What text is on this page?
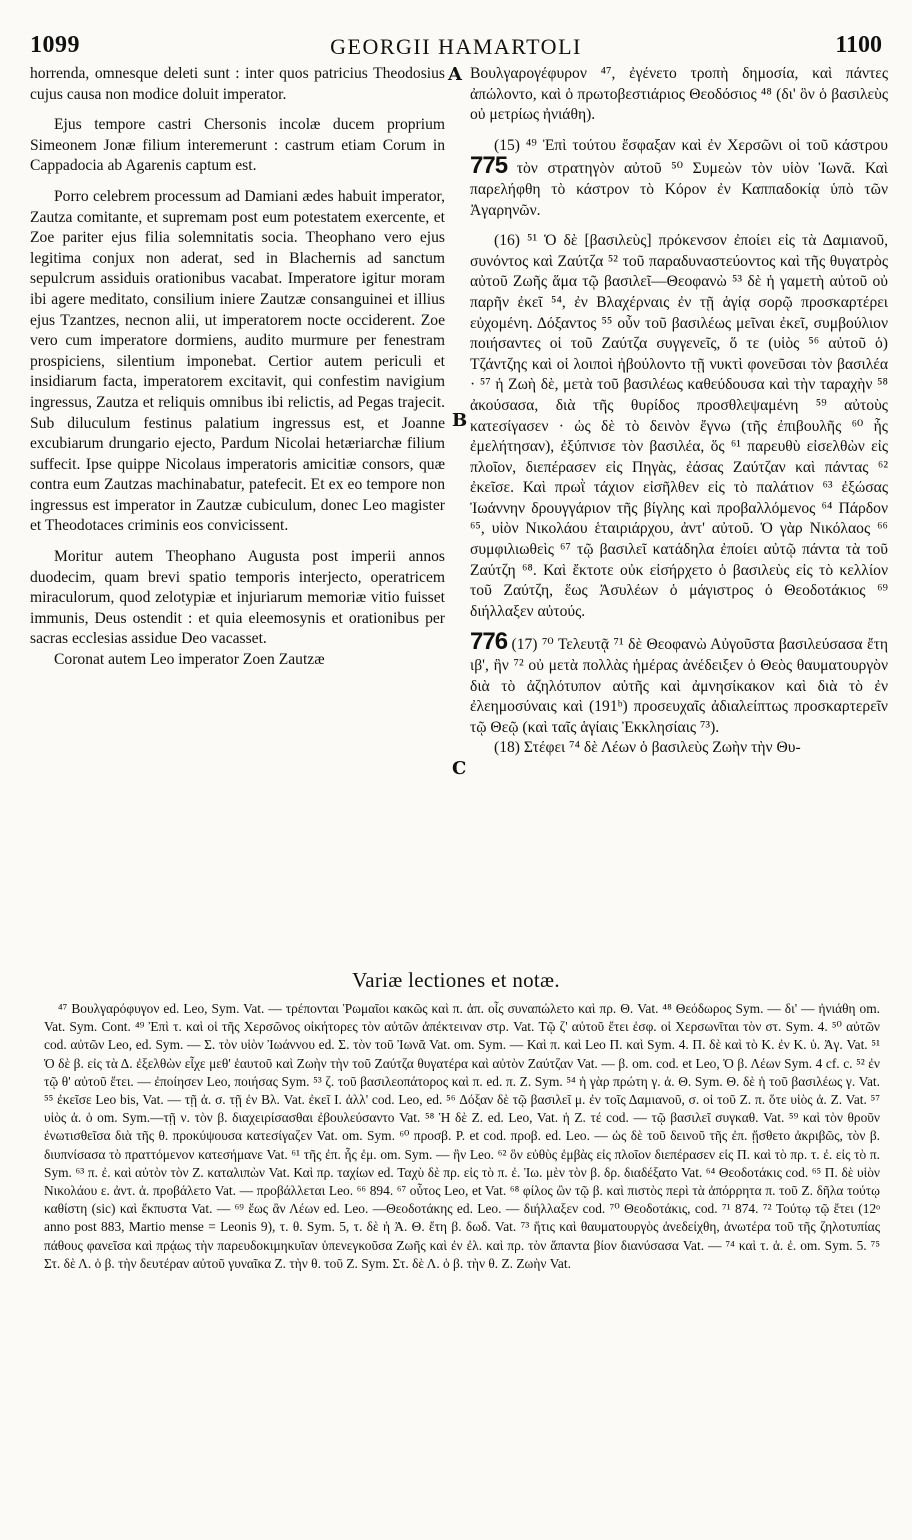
1099	GEORGII HAMARTOLI	1100

horrenda, omnesque deleti sunt : inter quos patricius Theodosius cujus causa non modice doluit imperator.

Ejus tempore castri Chersonis incolæ ducem proprium Simeonem Jonæ filium interemerunt : castrum etiam Corum in Cappadocia ab Agarenis captum est.

Porro celebrem processum ad Damiani ædes habuit imperator, Zautza comitante, et supremam post eum potestatem exercente, et Zoe pariter ejus filia solemnitatis socia. Theophano vero ejus legitima conjux non aderat, sed in Blachernis ad sanctum sepulcrum assiduis orationibus vacabat. Imperatore igitur moram ibi agere meditato, consilium iniere Zautzæ consanguinei et illius ejus Tzantzes, necnon alii, ut imperatorem nocte occiderent. Zoe vero cum imperatore dormiens, audito murmure per fenestram prospiciens, silentium imponebat. Certior autem periculi et insidiarum facta, imperatorem excitavit, qui confestim navigium ingressus, Zautza et reliquis omnibus ibi relictis, ad Pegas trajecit. Sub diluculum festinus palatium ingressus est, et Joanne excubiarum drungario ejecto, Pardum Nicolai hetæriarchæ filium suffecit. Ipse quippe Nicolaus imperatoris amicitiæ consors, quæ contra eum Zautzas machinabatur, patefecit. Et ex eo tempore non ingressus est imperator in Zautzæ cubiculum, donec Leo magister et Theodotaces criminis eos convicissent.

Moritur autem Theophano Augusta post imperii annos duodecim, quam brevi spatio temporis interjecto, operatricem miraculorum, quod zelotypiæ et injuriarum memoriæ vitio fuisset immunis, Deus ostendit : et quia eleemosynis et orationibus per sacras ecclesias assidue Deo vacasset.

Coronat autem Leo imperator Zoen Zautzæ

A
B
C

Βουλγαρογέφυρον ⁴⁷, ἐγένετο τροπὴ δημοσία, καὶ πάντες ἀπώλοντο, καὶ ὁ πρωτοβεστιάριος Θεοδόσιος ⁴⁸ (δι' ὃν ὁ βασιλεὺς οὐ μετρίως ἠνιάθη).

(15) ⁴⁹ Ἐπὶ τούτου ἔσφαξαν καὶ ἐν Χερσῶνι οἱ τοῦ κάστρου 775 τὸν στρατηγὸν αὐτοῦ ⁵⁰ Συμεὼν τὸν υἱὸν Ἰωνᾶ. Καὶ παρελήφθη τὸ κάστρον τὸ Κόρον ἐν Καππαδοκίᾳ ὑπὸ τῶν Ἀγαρηνῶν.

(16) ⁵¹ Ὁ δὲ [βασιλεὺς] πρόκενσον ἐποίει εἰς τὰ Δαμιανοῦ, συνόντος καὶ Ζαύτζα ⁵² τοῦ παραδυναστεύοντος καὶ τῆς θυγατρὸς αὐτοῦ Ζωῆς ἅμα τῷ βασιλεῖ—Θεοφανὼ ⁵³ δὲ ἡ γαμετὴ αὐτοῦ οὐ παρῆν ἐκεῖ ⁵⁴, ἐν Βλαχέρναις ἐν τῇ ἁγίᾳ σορῷ προσκαρτέρει εὐχομένη. Δόξαντος ⁵⁵ οὖν τοῦ βασιλέως μεῖναι ἐκεῖ, συμβούλιον ποιήσαντες οἱ τοῦ Ζαύτζα συγγενεῖς, ὅ τε (υἱὸς ⁵⁶ αὐτοῦ ὁ) Τζάντζης καὶ οἱ λοιποὶ ἠβούλοντο τῇ νυκτὶ φονεῦσαι τὸν βασιλέα · ⁵⁷ ἡ Ζωὴ δὲ, μετὰ τοῦ βασιλέως καθεύδουσα καὶ τὴν ταραχὴν ⁵⁸ ἀκούσασα, διὰ τῆς θυρίδος προσθλεψαμένη ⁵⁹ αὐτοὺς κατεσίγασεν · ὡς δὲ τὸ δεινὸν ἔγνω (τῆς ἐπιβουλῆς ⁶⁰ ἧς ἐμελήτησαν), ἐξύπνισε τὸν βασιλέα, ὅς ⁶¹ παρευθὺ εἰσελθὼν εἰς πλοῖον, διεπέρασεν εἰς Πηγὰς, ἐάσας Ζαύτζαν καὶ πάντας ⁶² ἐκεῖσε. Καὶ πρωῒ τάχιον εἰσῆλθεν εἰς τὸ παλάτιον ⁶³ ἐξώσας Ἰωάννην δρουγγάριον τῆς βίγλης καὶ προβαλλόμενος ⁶⁴ Πάρδον ⁶⁵, υἱὸν Νικολάου ἑταιριάρχου, ἀντ' αὐτοῦ. Ὁ γὰρ Νικόλαος ⁶⁶ συμφιλιωθεὶς ⁶⁷ τῷ βασιλεῖ κατάδηλα ἐποίει αὐτῷ πάντα τὰ τοῦ Ζαύτζη ⁶⁸. Καὶ ἔκτοτε οὐκ εἰσήρχετο ὁ βασιλεὺς εἰς τὸ κελλίον τοῦ Ζαύτζη, ἕως Ἀσυλέων ὁ μάγιστρος ὁ Θεοδοτάκιος ⁶⁹ διήλλαξεν αὐτούς.

776 (17) ⁷⁰ Τελευτᾷ ⁷¹ δὲ Θεοφανὼ Αὐγοῦστα βασιλεύσασα ἔτη ιβ', ἣν ⁷² οὐ μετὰ πολλὰς ἡμέρας ἀνέδειξεν ὁ Θεὸς θαυματουργὸν διὰ τὸ ἀζηλότυπον αὐτῆς καὶ ἀμνησίκακον καὶ διὰ τὸ ἐν ἐλεημοσύναις καὶ (191ᵇ) προσευχαῖς ἀδιαλείπτως προσκαρτερεῖν τῷ Θεῷ (καὶ ταῖς ἁγίαις Ἐκκλησίαις ⁷³).

(18) Στέφει ⁷⁴ δὲ Λέων ὁ βασιλεὺς Ζωὴν τὴν Θυ-

Variæ lectiones et notæ.

⁴⁷ Βουλγαρόφυγον ed. Leo, Sym. Vat. — τρέπονται Ῥωμαῖοι κακῶς καὶ π. ἀπ. οἷς συναπώλετο καὶ πρ. Θ. Vat. ⁴⁸ Θεόδωρος Sym. — δι' — ἠνιάθη om. Vat. Sym. Cont. ⁴⁹ Ἐπὶ τ. καὶ οἱ τῆς Χερσῶνος οἰκήτορες τὸν αὐτῶν ἀπέκτειναν στρ. Vat. Τῷ ζ' αὐτοῦ ἔτει ἐσφ. οἱ Χερσωνῖται τὸν στ. Sym. 4. ⁵⁰ αὐτῶν cod. αὐτῶν Leo, ed. Sym. — Σ. τὸν υἱὸν Ἰωάννου ed. Σ. τὸν τοῦ Ἰωνᾶ Vat. om. Sym. — Καὶ π. καὶ Leo Π. καὶ Sym. 4. Π. δὲ καὶ τὸ Κ. ἐν Κ. ὑ. Ἀγ. Vat. ⁵¹ Ὁ δὲ β. εἰς τὰ Δ. ἐξελθὼν εἶχε μεθ' ἑαυτοῦ καὶ Ζωὴν τὴν τοῦ Ζαύτζα θυγατέρα καὶ αὐτὸν Ζαύτζαν Vat. — β. om. cod. et Leo, Ὁ β. Λέων Sym. 4 cf. c. ⁵² ἐν τῷ θ' αὐτοῦ ἔτει. — ἐποίησεν Leo, ποιήσας Sym. ⁵³ ζ. τοῦ βασιλεοπάτορος καὶ π. ed. π. Z. Sym. ⁵⁴ ἡ γὰρ πρώτη γ. ἀ. Θ. Sym. Θ. δὲ ἡ τοῦ βασιλέως γ. Vat. ⁵⁵ ἐκεῖσε Leo bis, Vat. — τῇ ἀ. σ. τῇ ἐν Βλ. Vat. ἐκεῖ I. ἀλλ' cod. Leo, ed. ⁵⁶ Δόξαν δὲ τῷ βασιλεῖ μ. ἐν τοῖς Δαμιανοῦ, σ. οἱ τοῦ Z. π. ὅτε υἱὸς ἀ. Z. Vat. ⁵⁷ υἱὸς ἀ. ὁ om. Sym.—τῇ ν. τὸν β. διαχειρίσασθαι ἐβουλεύσαντο Vat. ⁵⁸ Ἡ δὲ Z. ed. Leo, Vat. ἡ Z. τέ cod. — τῷ βασιλεῖ συγκαθ. Vat. ⁵⁹ καὶ τὸν θροῦν ἐνωτισθεῖσα διὰ τῆς θ. προκύψουσα κατεσίγαζεν Vat. om. Sym. ⁶⁰ προσβ. P. et cod. προβ. ed. Leo. — ὡς δὲ τοῦ δεινοῦ τῆς ἐπ. ᾔσθετο ἀκριβῶς, τὸν β. διυπνίσασα τὸ πραττόμενον κατεσήμανε Vat. ⁶¹ τῆς ἐπ. ἧς ἐμ. om. Sym. — ἣν Leo. ⁶² ὃν εὐθὺς ἐμβὰς εἰς πλοῖον διεπέρασεν εἰς Π. καὶ τὸ πρ. τ. ἐ. εἰς τὸ π. Sym. ⁶³ π. ἐ. καὶ αὐτὸν τὸν Z. καταλιπὼν Vat. Καὶ πρ. ταχίων ed. Ταχὺ δὲ πρ. εἰς τὸ π. ἐ. Ἰω. μὲν τὸν β. δρ. διαδέξατο Vat. ⁶⁴ Θεοδοτάκις cod. ⁶⁵ Π. δὲ υἱὸν Νικολάου ε. ἀντ. ἀ. προβάλετο Vat. — προβάλλεται Leo. ⁶⁶ 894. ⁶⁷ οὗτος Leo, et Vat. ⁶⁸ φίλος ὢν τῷ β. καὶ πιστὸς περὶ τὰ ἀπόρρητα π. τοῦ Z. δῆλα τούτῳ καθίστη (sic) καὶ ἔκπυστα Vat. — ⁶⁹ ἕως ἂν Λέων ed. Leo. —Θεοδοτάκης ed. Leo. — διήλλαξεν cod. ⁷⁰ Θεοδοτάκις, cod. ⁷¹ 874. ⁷² Τούτῳ τῷ ἔτει (12ᵒ anno post 883, Martio mense = Leonis 9), τ. θ. Sym. 5, τ. δὲ ἡ Ἀ. Θ. ἔτη β. δωδ. Vat. ⁷³ ἥτις καὶ θαυματουργὸς ἀνεδείχθη, ἀνωτέρα τοῦ τῆς ζηλοτυπίας πάθους φανεῖσα καὶ πρᾴως τὴν παρευδοκιμηκυῖαν ὑπενεγκοῦσα Ζωῆς καὶ ἐν ἐλ. καὶ πρ. τὸν ἅπαντα βίον διανύσασα Vat. — ⁷⁴ καὶ τ. ἁ. ἐ. om. Sym. 5. ⁷⁵ Στ. δὲ Λ. ὁ β. τὴν δευτέραν αὐτοῦ γυναῖκα Z. τὴν θ. τοῦ Z. Sym. Στ. δὲ Λ. ὁ β. τὴν θ. Z. Ζωὴν Vat.
